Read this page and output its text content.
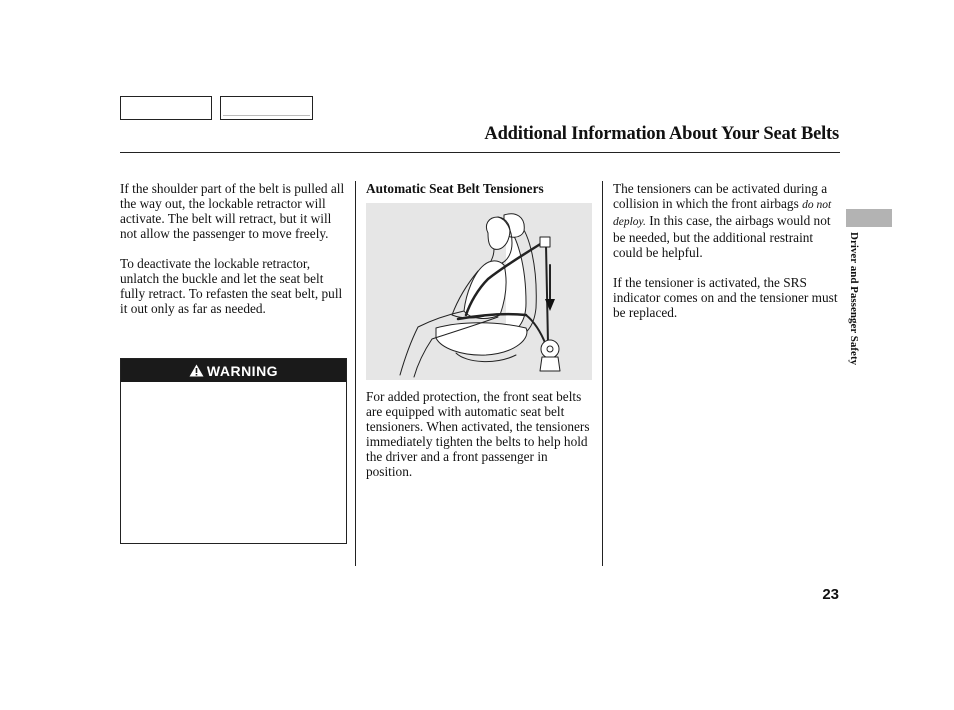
Additional Information About Your Seat Belts

If the shoulder part of the belt is pulled all the way out, the lockable retractor will activate. The belt will retract, but it will not allow the passenger to move freely.

To deactivate the lockable retractor, unlatch the buckle and let the seat belt fully retract. To refasten the seat belt, pull it out only as far as needed.

WARNING
Automatic Seat Belt Tensioners

For added protection, the front seat belts are equipped with automatic seat belt tensioners. When activated, the tensioners immediately tighten the belts to help hold the driver and a front passenger in position.

The tensioners can be activated during a collision in which the front airbags do not deploy. In this case, the airbags would not be needed, but the additional restraint could be helpful.

If the tensioner is activated, the SRS indicator comes on and the tensioner must be replaced.	Driver and Passenger Safety
23
